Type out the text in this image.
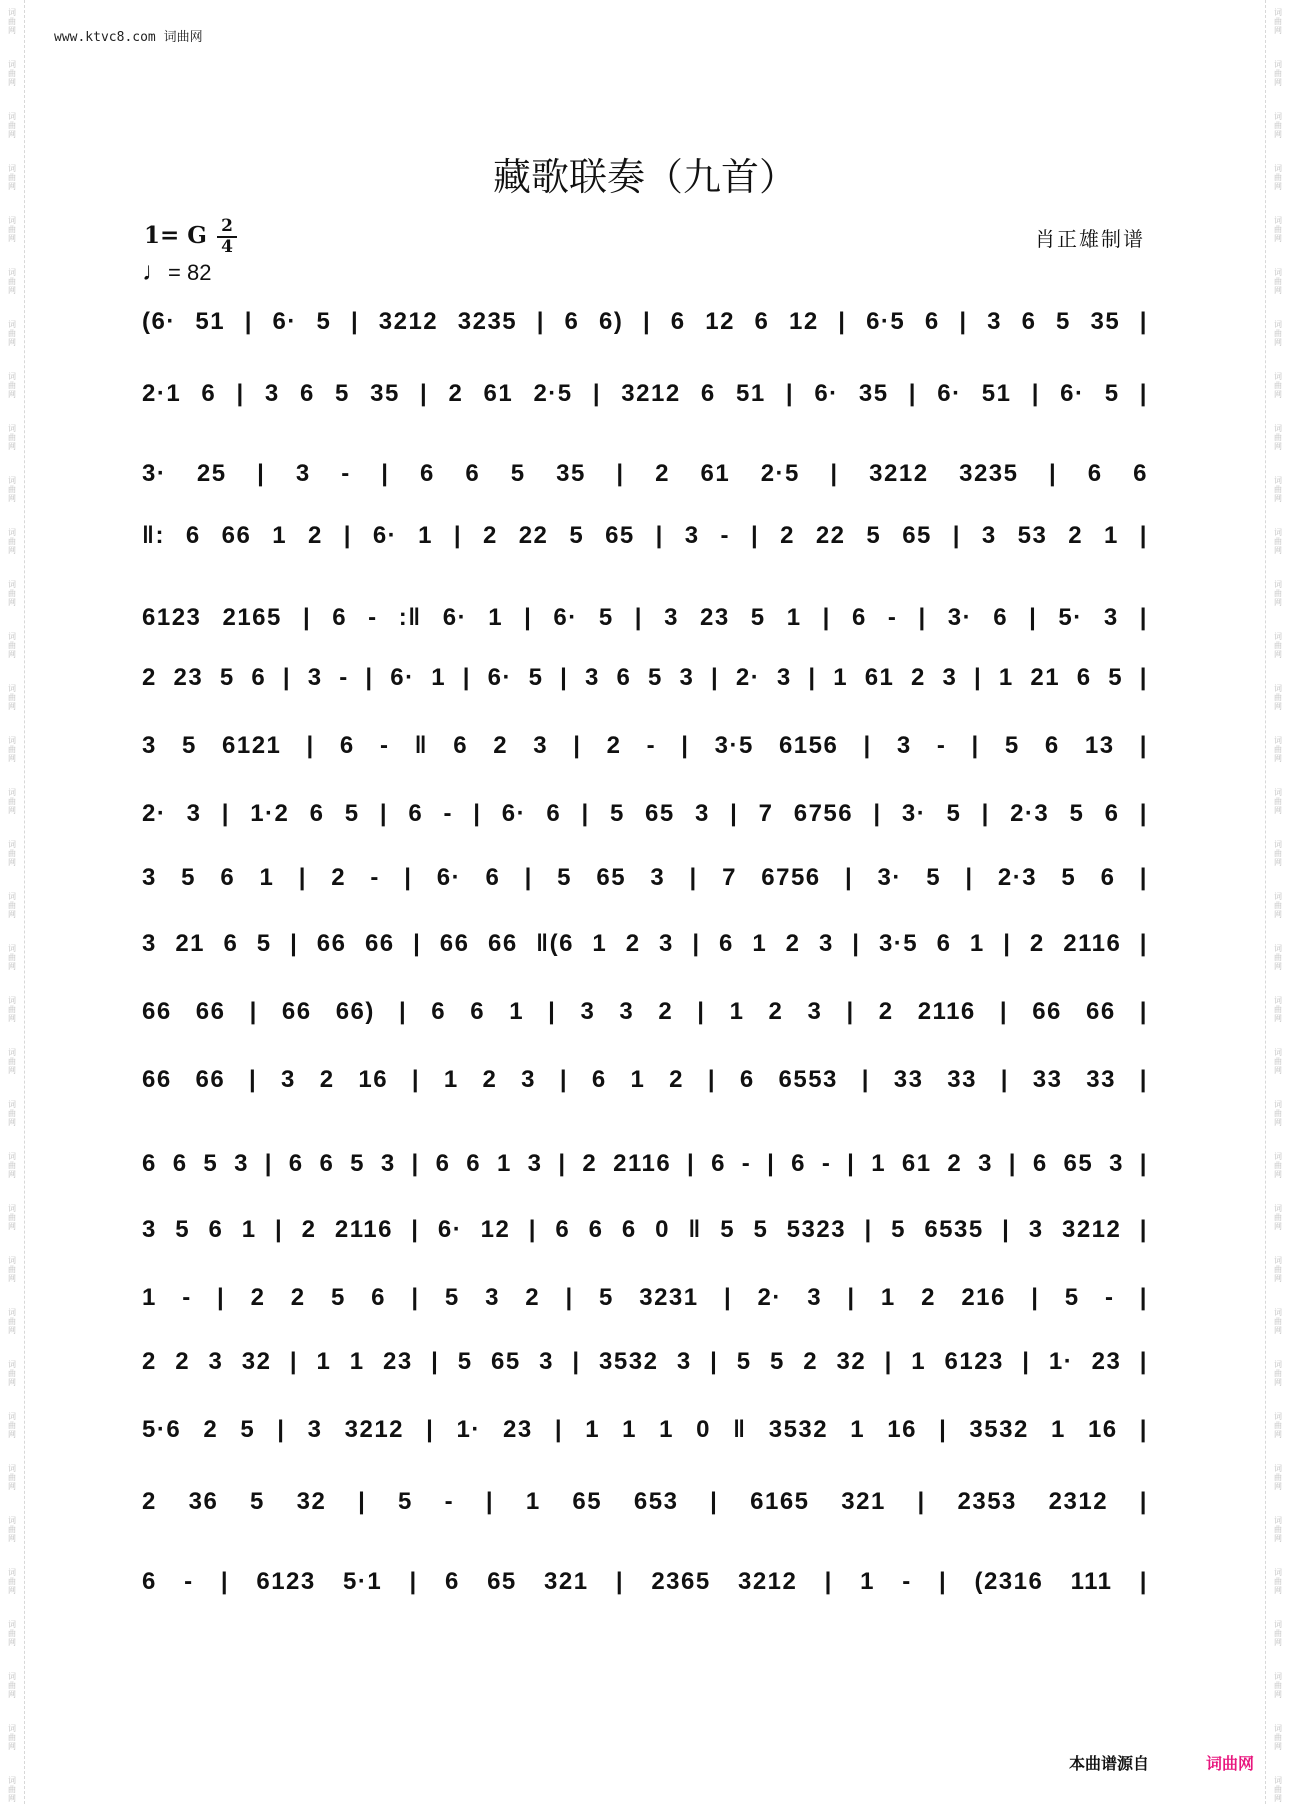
词
曲
网
词
曲
网
词
曲
网
词
曲
网
词
曲
网
词
曲
网
词
曲
网
词
曲
网
词
曲
网
词
曲
网
词
曲
网
词
曲
网
词
曲
网
词
曲
网
词
曲
网
词
曲
网
词
曲
网
词
曲
网
词
曲
网
词
曲
网
词
曲
网
词
曲
网
词
曲
网
词
曲
网
词
曲
网
词
曲
网
词
曲
网
词
曲
网
词
曲
网
词
曲
网
词
曲
网
词
曲
网
词
曲
网
词
曲
网
词
曲
网
词
曲
网
词
曲
网
词
曲
网
词
曲
网
词
曲
网
词
曲
网
词
曲
网
词
曲
网
词
曲
网
词
曲
网
词
曲
网
词
曲
网
词
曲
网
词
曲
网
词
曲
网
词
曲
网
词
曲
网
词
曲
网
词
曲
网
词
曲
网
词
曲
网
词
曲
网
词
曲
网
词
曲
网
词
曲
网
词
曲
网
词
曲
网
词
曲
网
词
曲
网
词
曲
网
词
曲
网
词
曲
网
词
曲
网
词
曲
网
词
曲
网
www.ktvc8.com 词曲网
藏歌联奏（九首）
1= G 2
4
♩= 82
肖正雄制谱
(6· 51 | 6· 5 | 3212 3235 | 6 6) | 6 12 6 12 | 6·5 6 | 3 6 5 35 |
2·1 6 | 3 6 5 35 | 2 61 2·5 | 3212 6 51 | 6· 35 | 6· 51 | 6· 5 |
3· 25 | 3 - | 6 6 5 35 | 2 61 2·5 | 3212 3235 | 6 6
‖: 6 66 1 2 | 6· 1 | 2 22 5 65 | 3 - | 2 22 5 65 | 3 53 2 1 |
6123 2165 | 6 - :‖ 6· 1 | 6· 5 | 3 23 5 1 | 6 - | 3· 6 | 5· 3 |
2 23 5 6 | 3 - | 6· 1 | 6· 5 | 3 6 5 3 | 2· 3 | 1 61 2 3 | 1 21 6 5 |
3 5 6121 | 6 - ‖ 6 2 3 | 2 - | 3·5 6156 | 3 - | 5 6 13 |
2· 3 | 1·2 6 5 | 6 - | 6· 6 | 5 65 3 | 7 6756 | 3· 5 | 2·3 5 6 |
3 5 6 1 | 2 - | 6· 6 | 5 65 3 | 7 6756 | 3· 5 | 2·3 5 6 |
3 21 6 5 | 66 66 | 66 66 ‖(6 1 2 3 | 6 1 2 3 | 3·5 6 1 | 2 2116 |
66 66 | 66 66) | 6 6 1 | 3 3 2 | 1 2 3 | 2 2116 | 66 66 |
66 66 | 3 2 16 | 1 2 3 | 6 1 2 | 6 6553 | 33 33 | 33 33 |
6 6 5 3 | 6 6 5 3 | 6 6 1 3 | 2 2116 | 6 - | 6 - | 1 61 2 3 | 6 65 3 |
3 5 6 1 | 2 2116 | 6· 12 | 6 6 6 0 ‖ 5 5 5323 | 5 6535 | 3 3212 |
1 - | 2 2 5 6 | 5 3 2 | 5 3231 | 2· 3 | 1 2 216 | 5 - |
2 2 3 32 | 1 1 23 | 5 65 3 | 3532 3 | 5 5 2 32 | 1 6123 | 1· 23 |
5·6 2 5 | 3 3212 | 1· 23 | 1 1 1 0 ‖ 3532 1 16 | 3532 1 16 |
2 36 5 32 | 5 - | 1 65 653 | 6165 321 | 2353 2312 |
6 - | 6123 5·1 | 6 65 321 | 2365 3212 | 1 - | (2316 111 |
本曲谱源自	词曲网
